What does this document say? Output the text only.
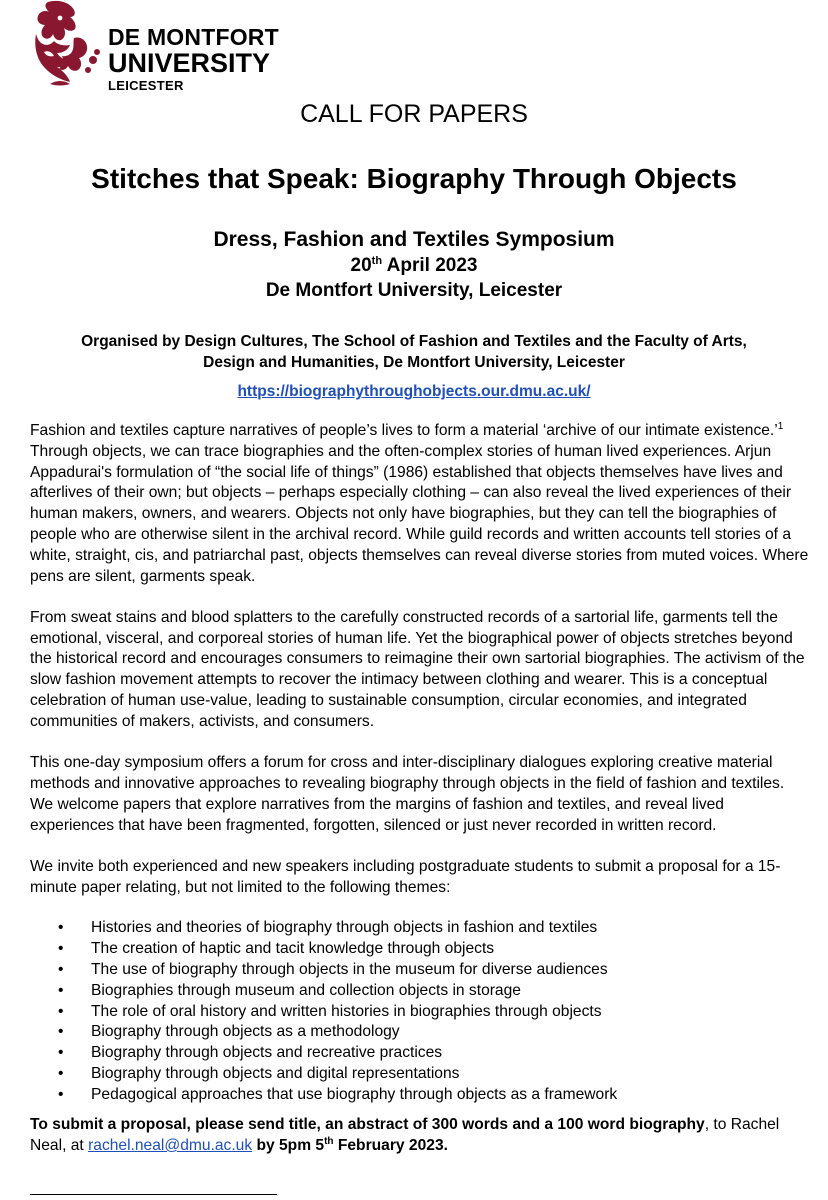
DE MONTFORT
UNIVERSITY
LEICESTER
CALL FOR PAPERS
Stitches that Speak: Biography Through Objects
Dress, Fashion and Textiles Symposium
20th April 2023
De Montfort University, Leicester
Organised by Design Cultures, The School of Fashion and Textiles and the Faculty of Arts,
Design and Humanities, De Montfort University, Leicester
https://biographythroughobjects.our.dmu.ac.uk/

Fashion and textiles capture narratives of people’s lives to form a material ‘archive of our intimate existence.’$^1$ Through objects, we can trace biographies and the often-complex stories of human lived experiences. Arjun Appadurai's formulation of “the social life of things” (1986) established that objects themselves have lives and afterlives of their own; but objects – perhaps especially clothing – can also reveal the lived experiences of their human makers, owners, and wearers. Objects not only have biographies, but they can tell the biographies of people who are otherwise silent in the archival record. While guild records and written accounts tell stories of a white, straight, cis, and patriarchal past, objects themselves can reveal diverse stories from muted voices. Where pens are silent, garments speak.

From sweat stains and blood splatters to the carefully constructed records of a sartorial life, garments tell the emotional, visceral, and corporeal stories of human life. Yet the biographical power of objects stretches beyond the historical record and encourages consumers to reimagine their own sartorial biographies. The activism of the slow fashion movement attempts to recover the intimacy between clothing and wearer. This is a conceptual celebration of human use-value, leading to sustainable consumption, circular economies, and integrated communities of makers, activists, and consumers.

This one-day symposium offers a forum for cross and inter-disciplinary dialogues exploring creative material methods and innovative approaches to revealing biography through objects in the field of fashion and textiles. We welcome papers that explore narratives from the margins of fashion and textiles, and reveal lived experiences that have been fragmented, forgotten, silenced or just never recorded in written record.

We invite both experienced and new speakers including postgraduate students to submit a proposal for a 15-minute paper relating, but not limited to the following themes:

• Histories and theories of biography through objects in fashion and textiles
• The creation of haptic and tacit knowledge through objects
• The use of biography through objects in the museum for diverse audiences
• Biographies through museum and collection objects in storage
• The role of oral history and written histories in biographies through objects
• Biography through objects as a methodology
• Biography through objects and recreative practices
• Biography through objects and digital representations
• Pedagogical approaches that use biography through objects as a framework
To submit a proposal, please send title, an abstract of 300 words and a 100 word biography, to Rachel Neal, at rachel.neal@dmu.ac.uk by 5pm 5th February 2023.
